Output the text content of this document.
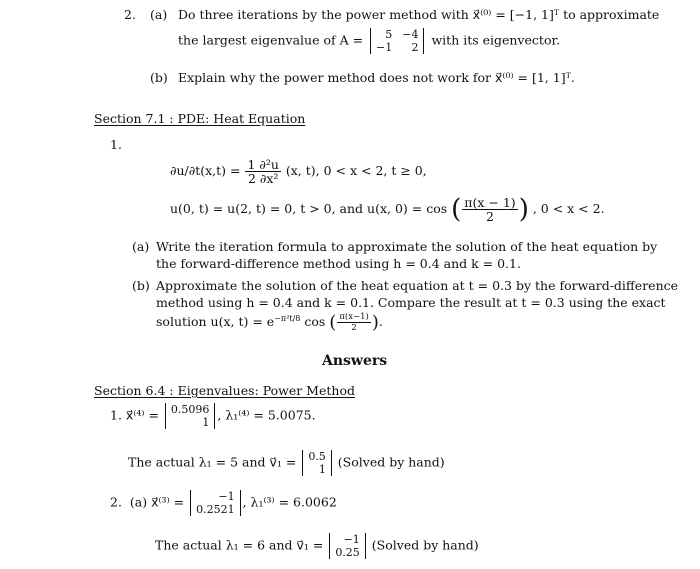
2. (a) Do three iterations by the power method with x⃗⁽⁰⁾ = [−1, 1]ᵀ to approximate
the largest eigenvalue of A =	5 −4
−1	2 with its eigenvector.
(b) Explain why the power method does not work for x⃗⁽⁰⁾ = [1, 1]ᵀ.
Section 7.1 : PDE: Heat Equation
1.
$\partial u/\partial t(x,t) = \frac{\text{1 ∂²u}}{\text{2 ∂x²}} (x$, t), 0 < x < 2, t ≥ 0,
u(0, t) = u(2, t) = 0, t > 0, and u(x, 0) = cos ( $\frac{\pi(x - 1)}{2}$ ) , 0 < x < 2.
(a) Write the iteration formula to approximate the solution of the heat equation by
the forward-difference method using h = 0.4 and k = 0.1.
(b) Approximate the solution of the heat equation at t = 0.3 by the forward-difference
method using h = 0.4 and k = 0.1. Compare the result at t = 0.3 using the exact
solution u(x, $t) = e^{-\pi^2t/8}$ cos ( $\frac{\pi(x-1)}{2}$ ).
Answers
Section 6.4 : Eigenvalues: Power Method
1. x⃗⁽⁴⁾ = 0.5096
1 , λ₁⁽⁴⁾ = 5.0075.
The actual λ₁ = 5 and v⃗₁ = 0.5
1 (Solved by hand)
2. (a) x⃗⁽³⁾ =	−1
0.2521 , λ₁⁽³⁾ = 6.0062
The actual λ₁ = 6 and v⃗₁ = −1
0.25 (Solved by hand)
